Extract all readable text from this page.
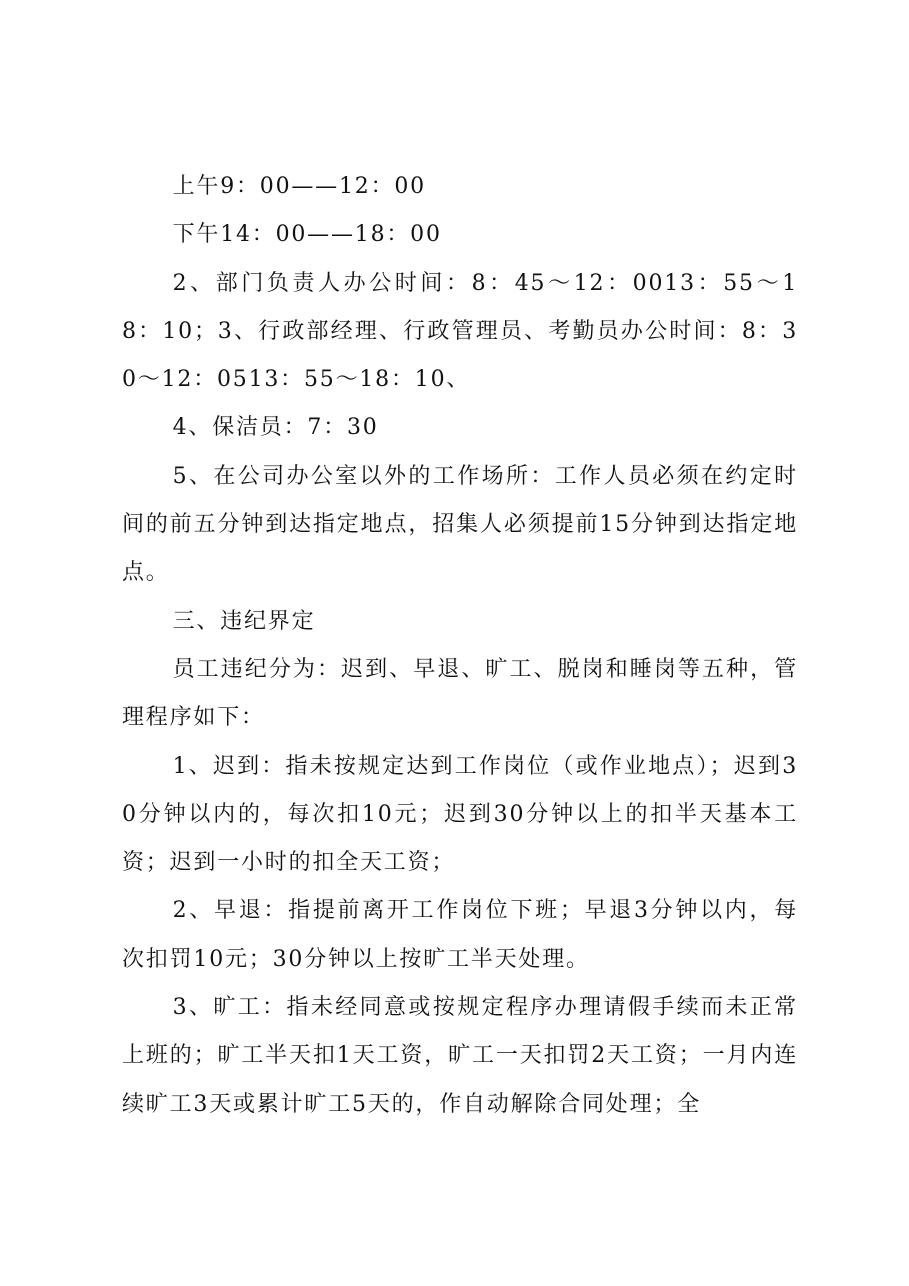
上午9：00——12：00

下午14：00——18：00

2、部门负责人办公时间：8：45～12：0013：55～18：10；3、行政部经理、行政管理员、考勤员办公时间：8：30～12：0513：55～18：10、

4、保洁员：7：30

5、在公司办公室以外的工作场所：工作人员必须在约定时间的前五分钟到达指定地点，招集人必须提前15分钟到达指定地点。

三、违纪界定

员工违纪分为：迟到、早退、旷工、脱岗和睡岗等五种，管理程序如下：

1、迟到：指未按规定达到工作岗位（或作业地点）；迟到30分钟以内的，每次扣10元；迟到30分钟以上的扣半天基本工资；迟到一小时的扣全天工资；

2、早退：指提前离开工作岗位下班；早退3分钟以内，每次扣罚10元；30分钟以上按旷工半天处理。

3、旷工：指未经同意或按规定程序办理请假手续而未正常上班的；旷工半天扣1天工资，旷工一天扣罚2天工资；一月内连续旷工3天或累计旷工5天的，作自动解除合同处理；全
